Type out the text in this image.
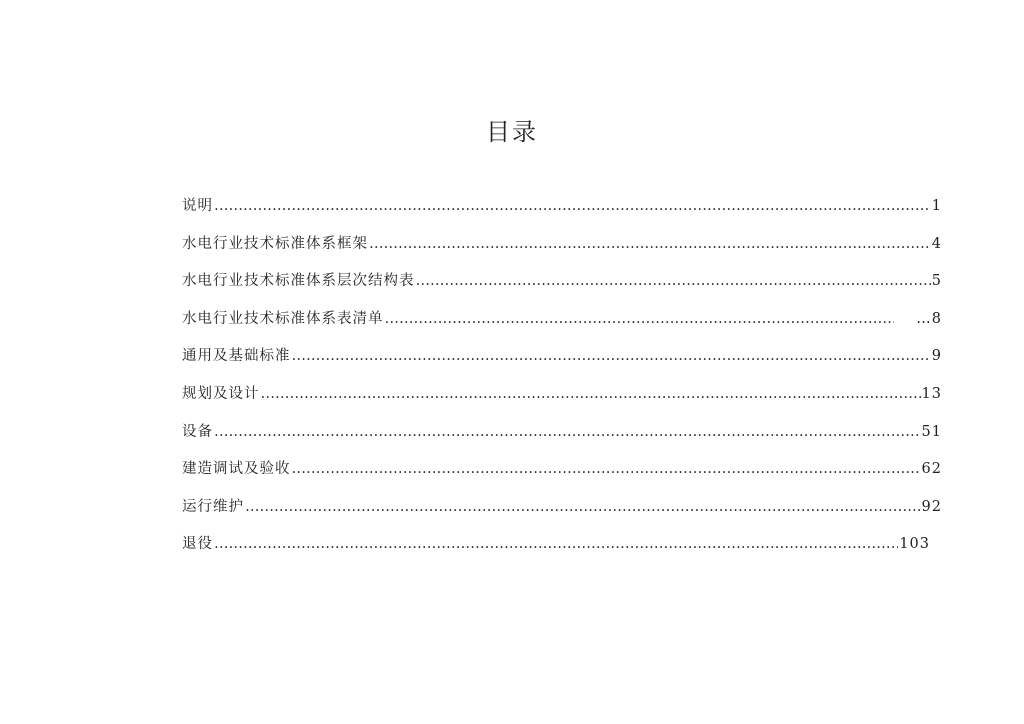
目录
说明 ……………………………………………………………………………………………………………………………………………………………………………………………………	1
水电行业技术标准体系框架 ……………………………………………………………………………………………………………………………………………………………………………………………………	4
水电行业技术标准体系层次结构表 ……………………………………………………………………………………………………………………………………………………………………………………………………	5
水电行业技术标准体系表清单 ……………………………………………………………………………………………………………………………………………………………………………………………………	…8
通用及基础标准 ……………………………………………………………………………………………………………………………………………………………………………………………………	9
规划及设计 ……………………………………………………………………………………………………………………………………………………………………………………………………	13
设备 ……………………………………………………………………………………………………………………………………………………………………………………………………	51
建造调试及验收 ……………………………………………………………………………………………………………………………………………………………………………………………………	62
运行维护 ……………………………………………………………………………………………………………………………………………………………………………………………………	92
退役 ……………………………………………………………………………………………………………………………………………………………………………………………………	103
